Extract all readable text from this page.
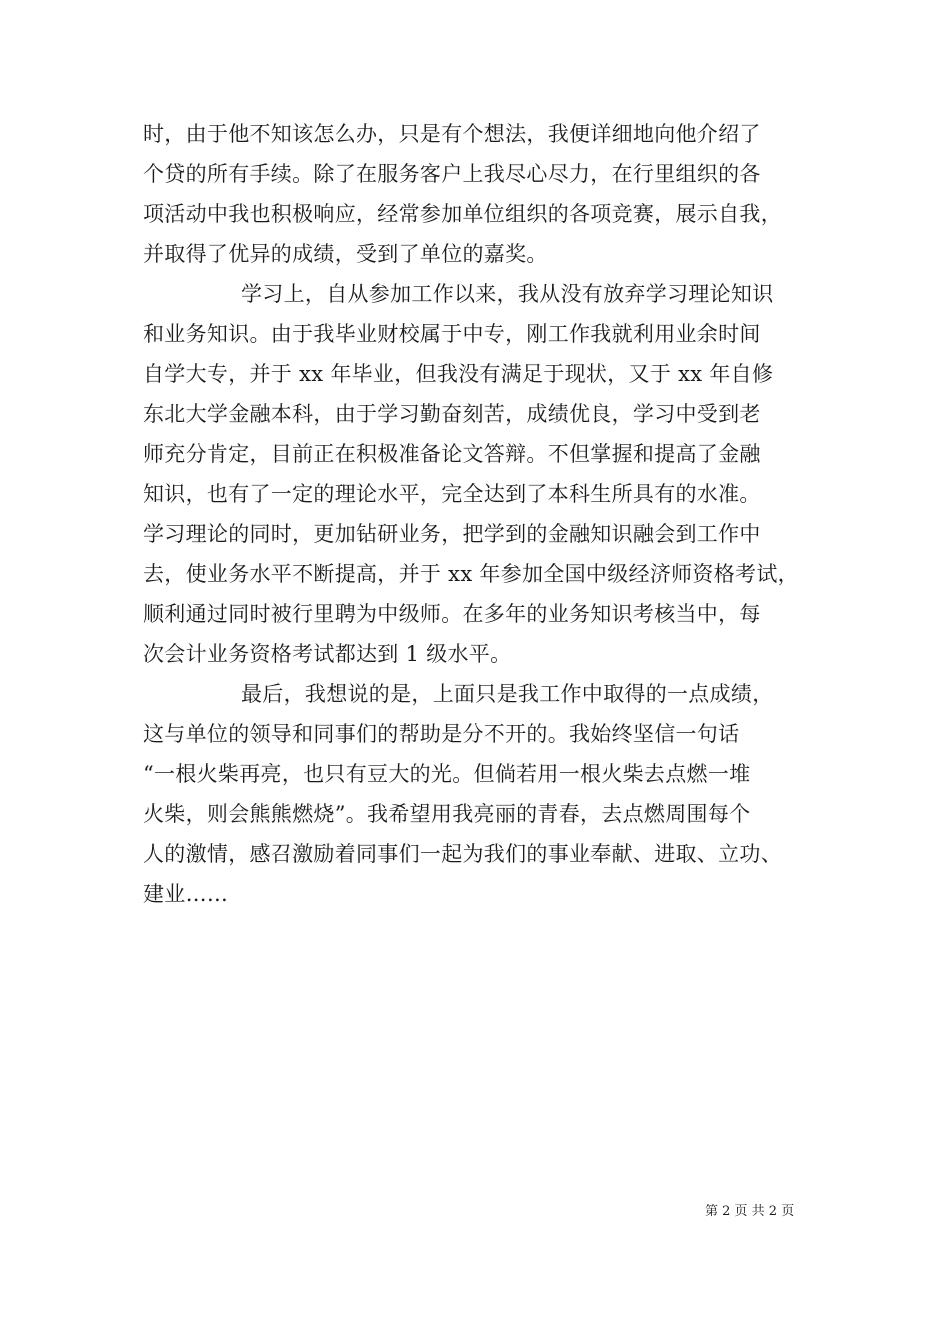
时，由于他不知该怎么办，只是有个想法，我便详细地向他介绍了
个贷的所有手续。除了在服务客户上我尽心尽力，在行里组织的各
项活动中我也积极响应，经常参加单位组织的各项竞赛，展示自我，
并取得了优异的成绩，受到了单位的嘉奖。
学习上，自从参加工作以来，我从没有放弃学习理论知识
和业务知识。由于我毕业财校属于中专，刚工作我就利用业余时间
自学大专，并于 xx 年毕业，但我没有满足于现状，又于 xx 年自修
东北大学金融本科，由于学习勤奋刻苦，成绩优良，学习中受到老
师充分肯定，目前正在积极准备论文答辩。不但掌握和提高了金融
知识，也有了一定的理论水平，完全达到了本科生所具有的水准。
学习理论的同时，更加钻研业务，把学到的金融知识融会到工作中
去，使业务水平不断提高，并于 xx 年参加全国中级经济师资格考试，
顺利通过同时被行里聘为中级师。在多年的业务知识考核当中，每
次会计业务资格考试都达到 1 级水平。
最后，我想说的是，上面只是我工作中取得的一点成绩，
这与单位的领导和同事们的帮助是分不开的。我始终坚信一句话
“一根火柴再亮，也只有豆大的光。但倘若用一根火柴去点燃一堆
火柴，则会熊熊燃烧”。我希望用我亮丽的青春，去点燃周围每个
人的激情，感召激励着同事们一起为我们的事业奉献、进取、立功、
建业……
第 2 页 共 2 页
